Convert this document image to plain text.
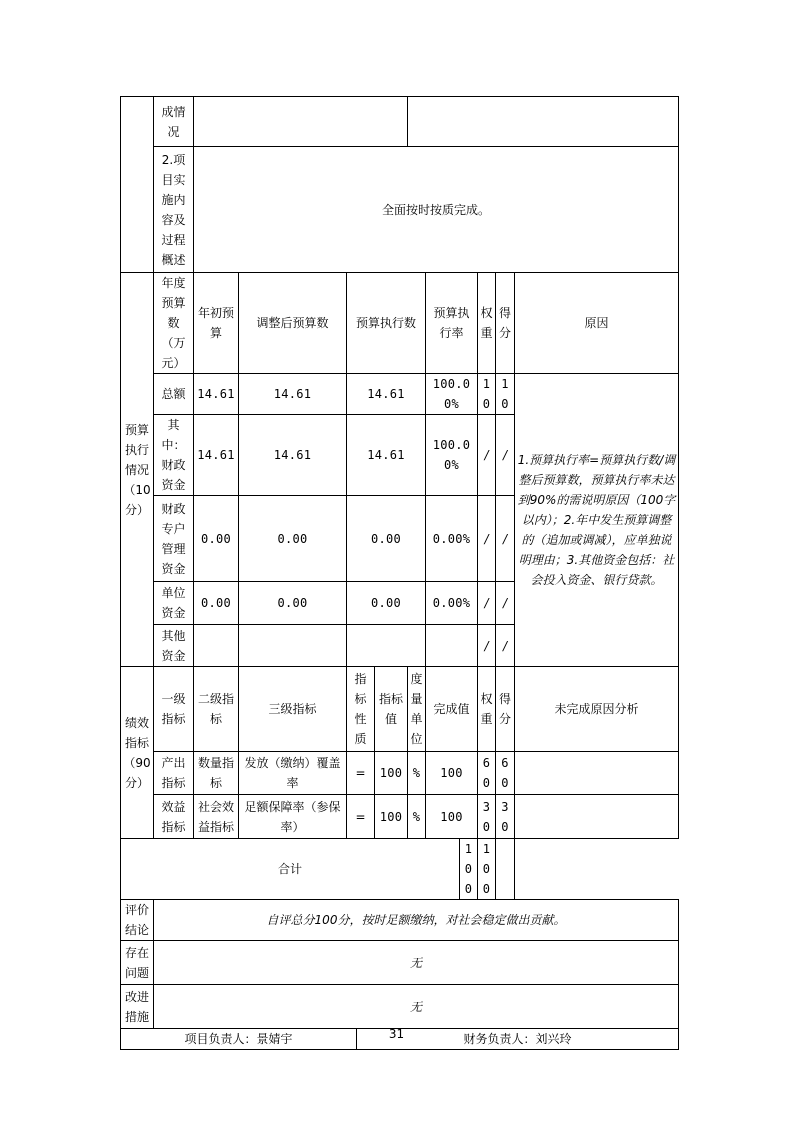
	成情况											
	2.项目实施内容及过程概述	全面按时按质完成。										
预算执行情况（10分）	年度预算数（万元）	年初预算	调整后预算数	预算执行数				预算执行率		权重	得分	原因
	总额	14.61	14.61	14.61				100.00%		10	10	1.预算执行率=预算执行数/调整后预算数，预算执行率未达到90%的需说明原因（100字以内）；2.年中发生预算调整的（追加或调减），应单独说明理由；3.其他资金包括：社会投入资金、银行贷款。
	其中：财政资金	14.61	14.61	14.61				100.00%		/	/	
	财政专户管理资金	0.00	0.00	0.00				0.00%		/	/	
	单位资金	0.00	0.00	0.00				0.00%		/	/	
	其他资金									/	/	
绩效指标（90分）	一级指标	二级指标	三级指标	指标性质		指标值	度量单位	完成值		权重	得分	未完成原因分析
	产出指标	数量指标	发放（缴纳）覆盖率	=		100	%	100		60	60	
	效益指标	社会效益指标	足额保障率（参保率）	=		100	%	100		30	30	
合计									100	100		
评价结论	自评总分100分，按时足额缴纳，对社会稳定做出贡献。											
存在问题	无											
改进措施	无											
项目负责人：景婧宇					财务负责人：刘兴玲							
31
